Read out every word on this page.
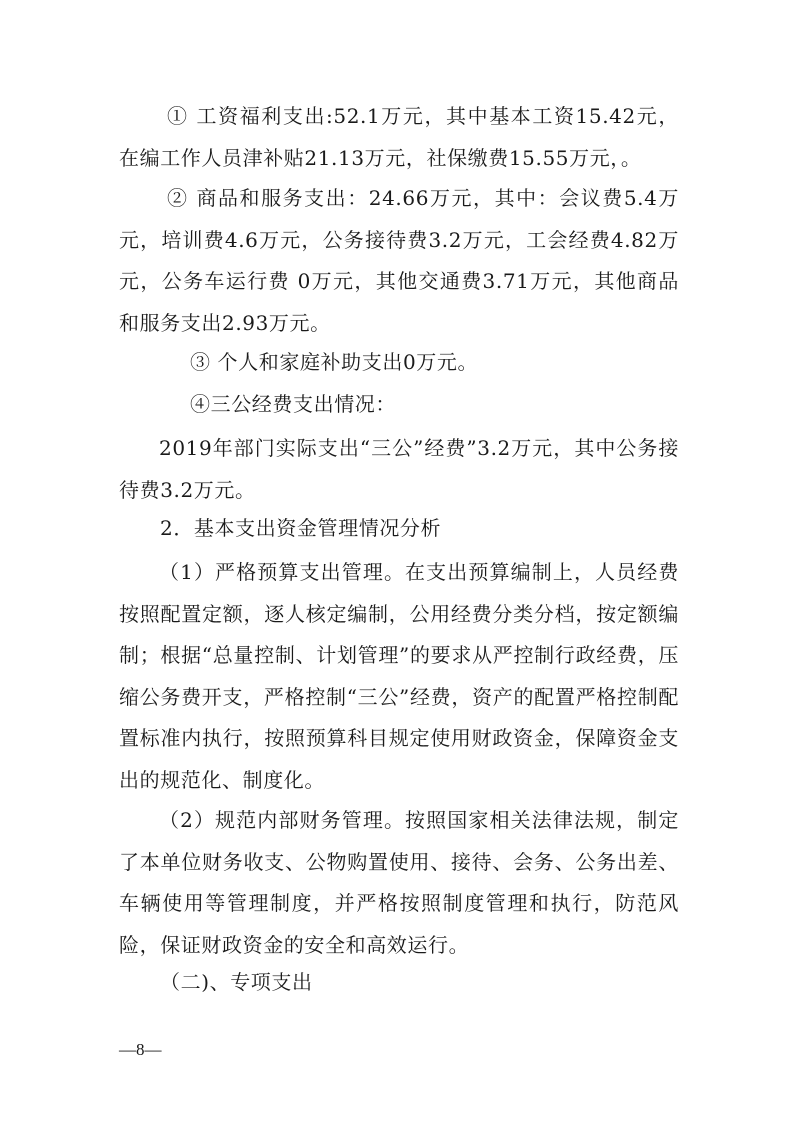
① 工资福利支出:52.1万元，其中基本工资15.42元，在编工作人员津补贴21.13万元，社保缴费15.55万元，。
② 商品和服务支出：24.66万元，其中：会议费5.4万元，培训费4.6万元，公务接待费3.2万元，工会经费4.82万元，公务车运行费 0万元，其他交通费3.71万元，其他商品和服务支出2.93万元。
③ 个人和家庭补助支出0万元。
④三公经费支出情况：
2019年部门实际支出“三公”经费”3.2万元，其中公务接待费3.2万元。
2．基本支出资金管理情况分析
（1）严格预算支出管理。在支出预算编制上，人员经费按照配置定额，逐人核定编制，公用经费分类分档，按定额编制；根据“总量控制、计划管理”的要求从严控制行政经费，压缩公务费开支，严格控制“三公”经费，资产的配置严格控制配置标准内执行，按照预算科目规定使用财政资金，保障资金支出的规范化、制度化。
（2）规范内部财务管理。按照国家相关法律法规，制定了本单位财务收支、公物购置使用、接待、会务、公务出差、车辆使用等管理制度，并严格按照制度管理和执行，防范风险，保证财政资金的安全和高效运行。
（二)、专项支出
—8—
